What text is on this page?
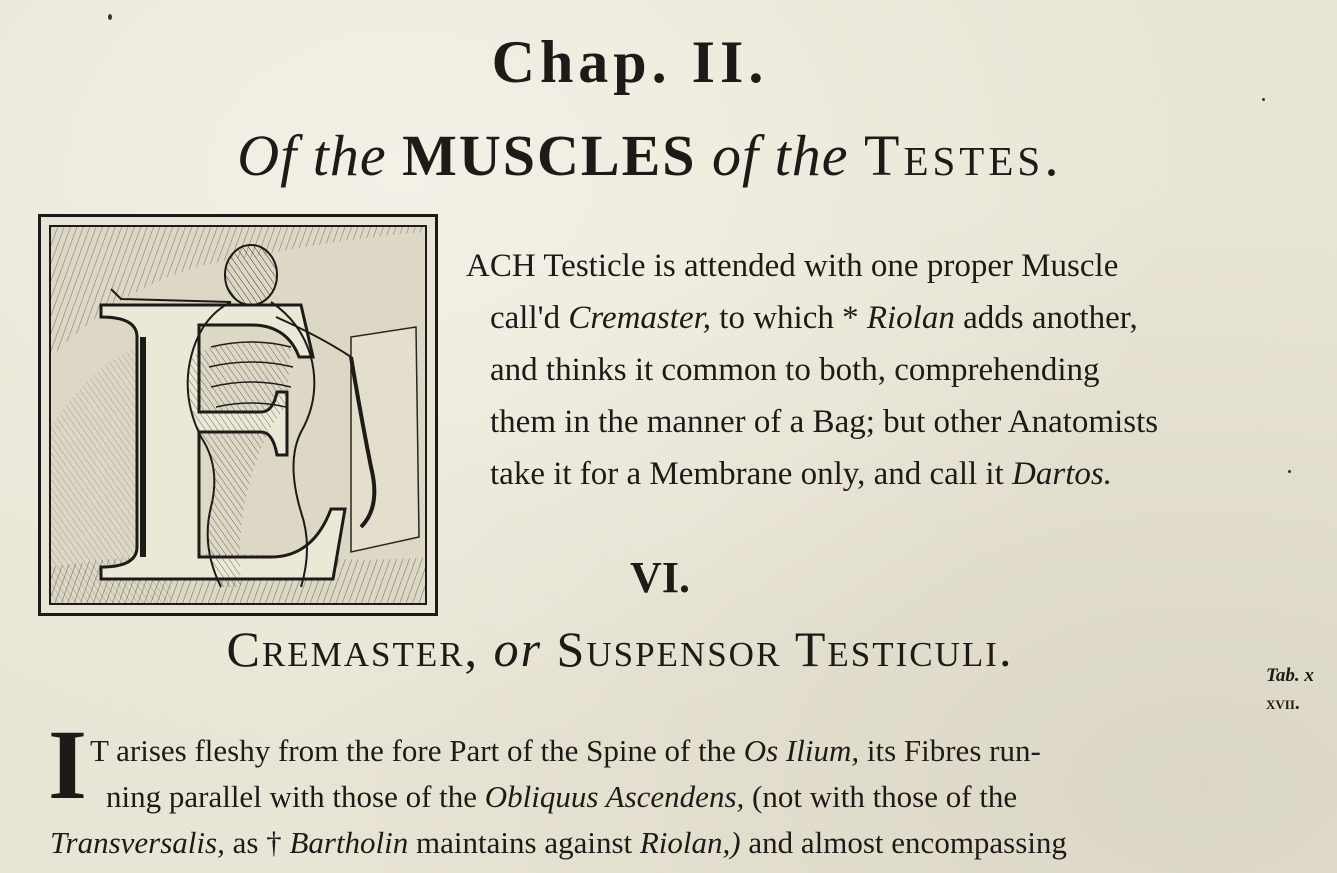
Chap. II.
Of the MUSCLES of the Testes.
ACH Testicle is attended with one proper Muscle
call'd Cremaster, to which * Riolan adds another,
and thinks it common to both, comprehending
them in the manner of a Bag; but other Anatomists
take it for a Membrane only, and call it Dartos.
VI.
Cremaster, or Suspensor Testiculi.	Tab. x
xvii.
I T arises fleshy from the fore Part of the Spine of the Os Ilium, its Fibres run-
ning parallel with those of the Obliquus Ascendens, (not with those of the
Transversalis, as † Bartholin maintains against Riolan,) and almost encompassing
